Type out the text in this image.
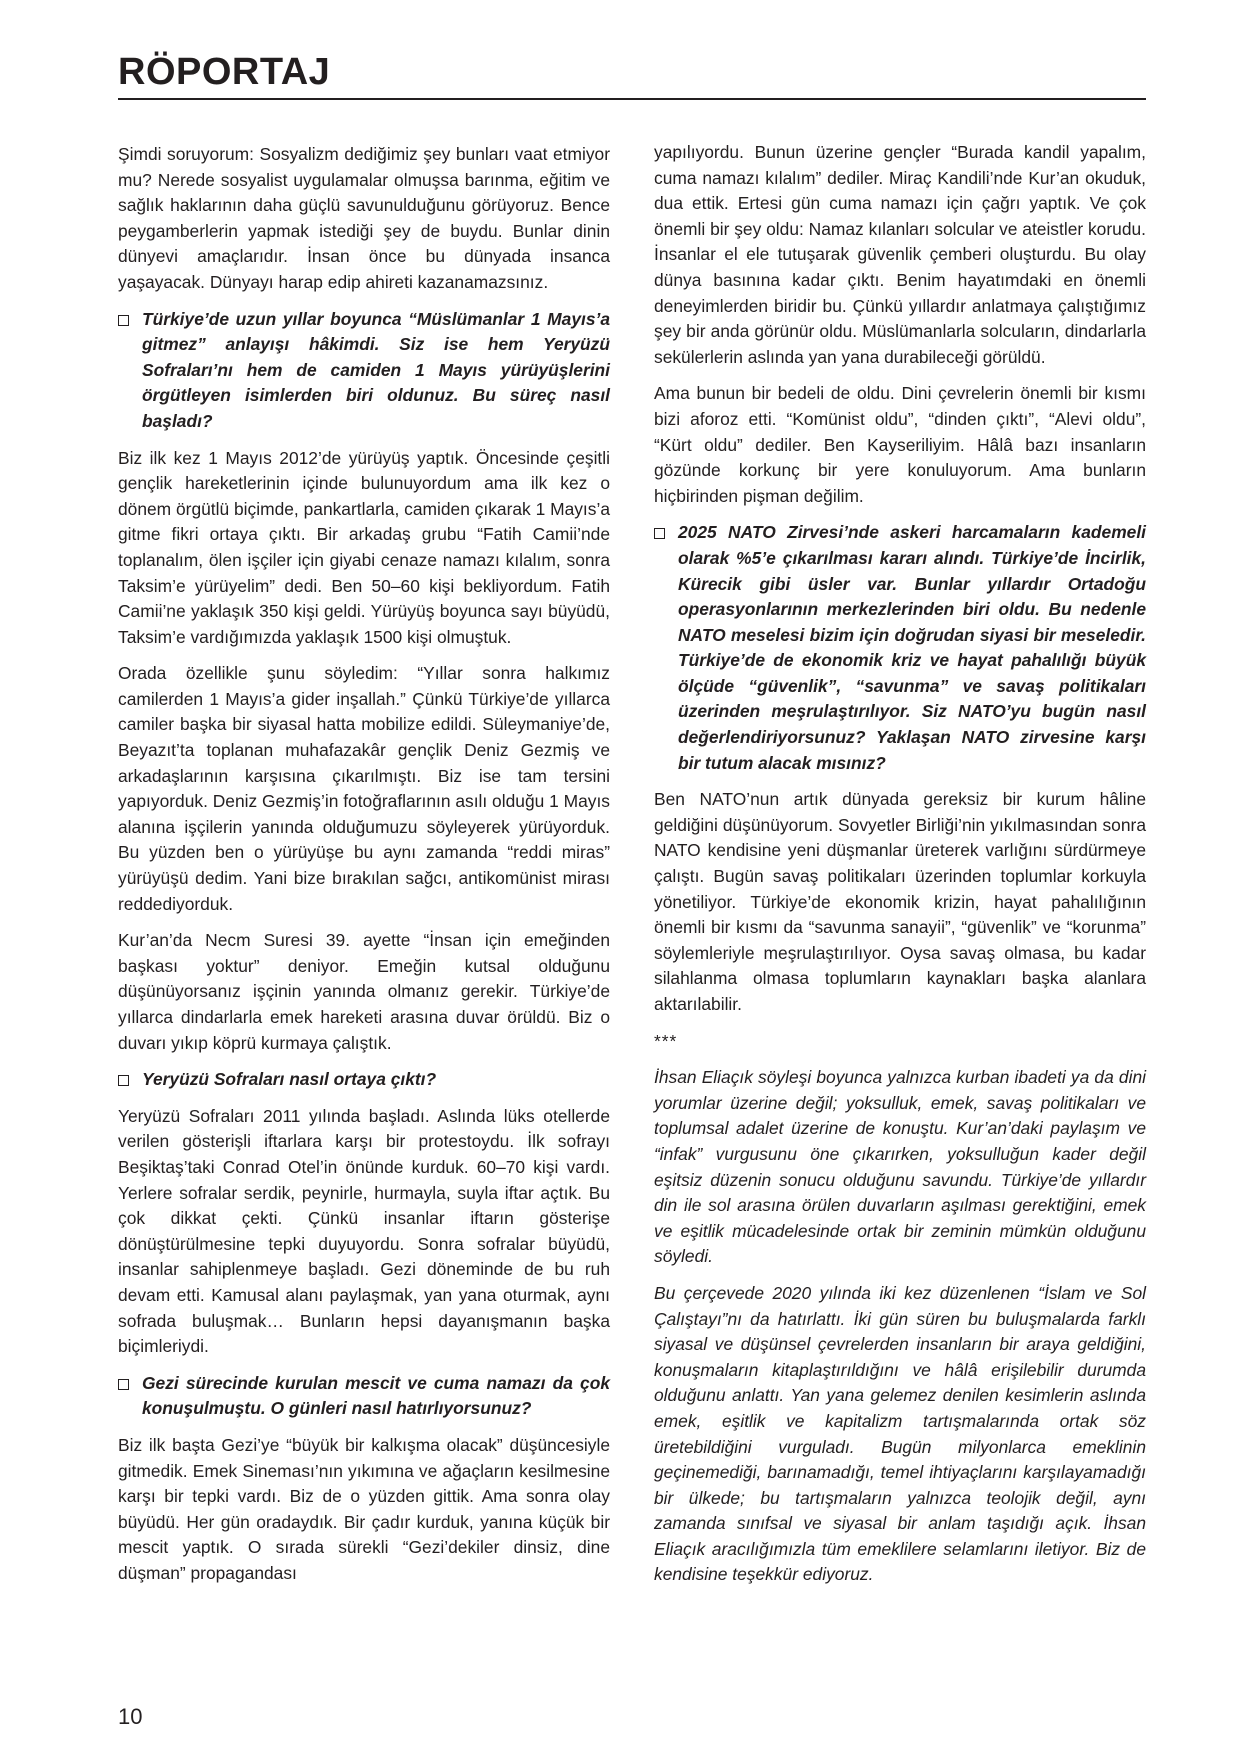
RÖPORTAJ

Şimdi soruyorum: Sosyalizm dediğimiz şey bunları vaat etmiyor mu? Nerede sosyalist uygulamalar olmuşsa barınma, eğitim ve sağlık haklarının daha güçlü savunulduğunu görüyoruz. Bence peygamberlerin yapmak istediği şey de buydu. Bunlar dinin dünyevi amaçlarıdır. İnsan önce bu dünyada insanca yaşayacak. Dünyayı harap edip ahireti kazanamazsınız.

Türkiye’de uzun yıllar boyunca “Müslümanlar 1 Mayıs’a gitmez” anlayışı hâkimdi. Siz ise hem Yeryüzü Sofraları’nı hem de camiden 1 Mayıs yürüyüşlerini örgütleyen isimlerden biri oldunuz. Bu süreç nasıl başladı?

Biz ilk kez 1 Mayıs 2012’de yürüyüş yaptık. Öncesinde çeşitli gençlik hareketlerinin içinde bulunuyordum ama ilk kez o dönem örgütlü biçimde, pankartlarla, camiden çıkarak 1 Mayıs’a gitme fikri ortaya çıktı. Bir arkadaş grubu “Fatih Camii’nde toplanalım, ölen işçiler için giyabi cenaze namazı kılalım, sonra Taksim’e yürüyelim” dedi. Ben 50–60 kişi bekliyordum. Fatih Camii’ne yaklaşık 350 kişi geldi. Yürüyüş boyunca sayı büyüdü, Taksim’e vardığımızda yaklaşık 1500 kişi olmuştuk.

Orada özellikle şunu söyledim: “Yıllar sonra halkımız camilerden 1 Mayıs’a gider inşallah.” Çünkü Türkiye’de yıllarca camiler başka bir siyasal hatta mobilize edildi. Süleymaniye’de, Beyazıt’ta toplanan muhafazakâr gençlik Deniz Gezmiş ve arkadaşlarının karşısına çıkarılmıştı. Biz ise tam tersini yapıyorduk. Deniz Gezmiş’in fotoğraflarının asılı olduğu 1 Mayıs alanına işçilerin yanında olduğumuzu söyleyerek yürüyorduk. Bu yüzden ben o yürüyüşe bu aynı zamanda “reddi miras” yürüyüşü dedim. Yani bize bırakılan sağcı, antikomünist mirası reddediyorduk.

Kur’an’da Necm Suresi 39. ayette “İnsan için emeğinden başkası yoktur” deniyor. Emeğin kutsal olduğunu düşünüyorsanız işçinin yanında olmanız gerekir. Türkiye’de yıllarca dindarlarla emek hareketi arasına duvar örüldü. Biz o duvarı yıkıp köprü kurmaya çalıştık.

Yeryüzü Sofraları nasıl ortaya çıktı?

Yeryüzü Sofraları 2011 yılında başladı. Aslında lüks otellerde verilen gösterişli iftarlara karşı bir protestoydu. İlk sofrayı Beşiktaş’taki Conrad Otel’in önünde kurduk. 60–70 kişi vardı. Yerlere sofralar serdik, peynirle, hurmayla, suyla iftar açtık. Bu çok dikkat çekti. Çünkü insanlar iftarın gösterişe dönüştürülmesine tepki duyuyordu. Sonra sofralar büyüdü, insanlar sahiplenmeye başladı. Gezi döneminde de bu ruh devam etti. Kamusal alanı paylaşmak, yan yana oturmak, aynı sofrada buluşmak… Bunların hepsi dayanışmanın başka biçimleriydi.

Gezi sürecinde kurulan mescit ve cuma namazı da çok konuşulmuştu. O günleri nasıl hatırlıyorsunuz?

Biz ilk başta Gezi’ye “büyük bir kalkışma olacak” düşüncesiyle gitmedik. Emek Sineması’nın yıkımına ve ağaçların kesilmesine karşı bir tepki vardı. Biz de o yüzden gittik. Ama sonra olay büyüdü. Her gün oradaydık. Bir çadır kurduk, yanına küçük bir mescit yaptık. O sırada sürekli “Gezi’dekiler dinsiz, dine düşman” propagandası

yapılıyordu. Bunun üzerine gençler “Burada kandil yapalım, cuma namazı kılalım” dediler. Miraç Kandili’nde Kur’an okuduk, dua ettik. Ertesi gün cuma namazı için çağrı yaptık. Ve çok önemli bir şey oldu: Namaz kılanları solcular ve ateistler korudu. İnsanlar el ele tutuşarak güvenlik çemberi oluşturdu. Bu olay dünya basınına kadar çıktı. Benim hayatımdaki en önemli deneyimlerden biridir bu. Çünkü yıllardır anlatmaya çalıştığımız şey bir anda görünür oldu. Müslümanlarla solcuların, dindarlarla sekülerlerin aslında yan yana durabileceği görüldü.

Ama bunun bir bedeli de oldu. Dini çevrelerin önemli bir kısmı bizi aforoz etti. “Komünist oldu”, “dinden çıktı”, “Alevi oldu”, “Kürt oldu” dediler. Ben Kayseriliyim. Hâlâ bazı insanların gözünde korkunç bir yere konuluyorum. Ama bunların hiçbirinden pişman değilim.

2025 NATO Zirvesi’nde askeri harcamaların kademeli olarak %5’e çıkarılması kararı alındı. Türkiye’de İncirlik, Kürecik gibi üsler var. Bunlar yıllardır Ortadoğu operasyonlarının merkezlerinden biri oldu. Bu nedenle NATO meselesi bizim için doğrudan siyasi bir meseledir. Türkiye’de de ekonomik kriz ve hayat pahalılığı büyük ölçüde “güvenlik”, “savunma” ve savaş politikaları üzerinden meşrulaştırılıyor. Siz NATO’yu bugün nasıl değerlendiriyorsunuz? Yaklaşan NATO zirvesine karşı bir tutum alacak mısınız?

Ben NATO’nun artık dünyada gereksiz bir kurum hâline geldiğini düşünüyorum. Sovyetler Birliği’nin yıkılmasından sonra NATO kendisine yeni düşmanlar üreterek varlığını sürdürmeye çalıştı. Bugün savaş politikaları üzerinden toplumlar korkuyla yönetiliyor. Türkiye’de ekonomik krizin, hayat pahalılığının önemli bir kısmı da “savunma sanayii”, “güvenlik” ve “korunma” söylemleriyle meşrulaştırılıyor. Oysa savaş olmasa, bu kadar silahlanma olmasa toplumların kaynakları başka alanlara aktarılabilir.

***

İhsan Eliaçık söyleşi boyunca yalnızca kurban ibadeti ya da dini yorumlar üzerine değil; yoksulluk, emek, savaş politikaları ve toplumsal adalet üzerine de konuştu. Kur’an’daki paylaşım ve “infak” vurgusunu öne çıkarırken, yoksulluğun kader değil eşitsiz düzenin sonucu olduğunu savundu. Türkiye’de yıllardır din ile sol arasına örülen duvarların aşılması gerektiğini, emek ve eşitlik mücadelesinde ortak bir zeminin mümkün olduğunu söyledi.

Bu çerçevede 2020 yılında iki kez düzenlenen “İslam ve Sol Çalıştayı”nı da hatırlattı. İki gün süren bu buluşmalarda farklı siyasal ve düşünsel çevrelerden insanların bir araya geldiğini, konuşmaların kitaplaştırıldığını ve hâlâ erişilebilir durumda olduğunu anlattı. Yan yana gelemez denilen kesimlerin aslında emek, eşitlik ve kapitalizm tartışmalarında ortak söz üretebildiğini vurguladı. Bugün milyonlarca emeklinin geçinemediği, barınamadığı, temel ihtiyaçlarını karşılayamadığı bir ülkede; bu tartışmaların yalnızca teolojik değil, aynı zamanda sınıfsal ve siyasal bir anlam taşıdığı açık. İhsan Eliaçık aracılığımızla tüm emeklilere selamlarını iletiyor. Biz de kendisine teşekkür ediyoruz.

10
